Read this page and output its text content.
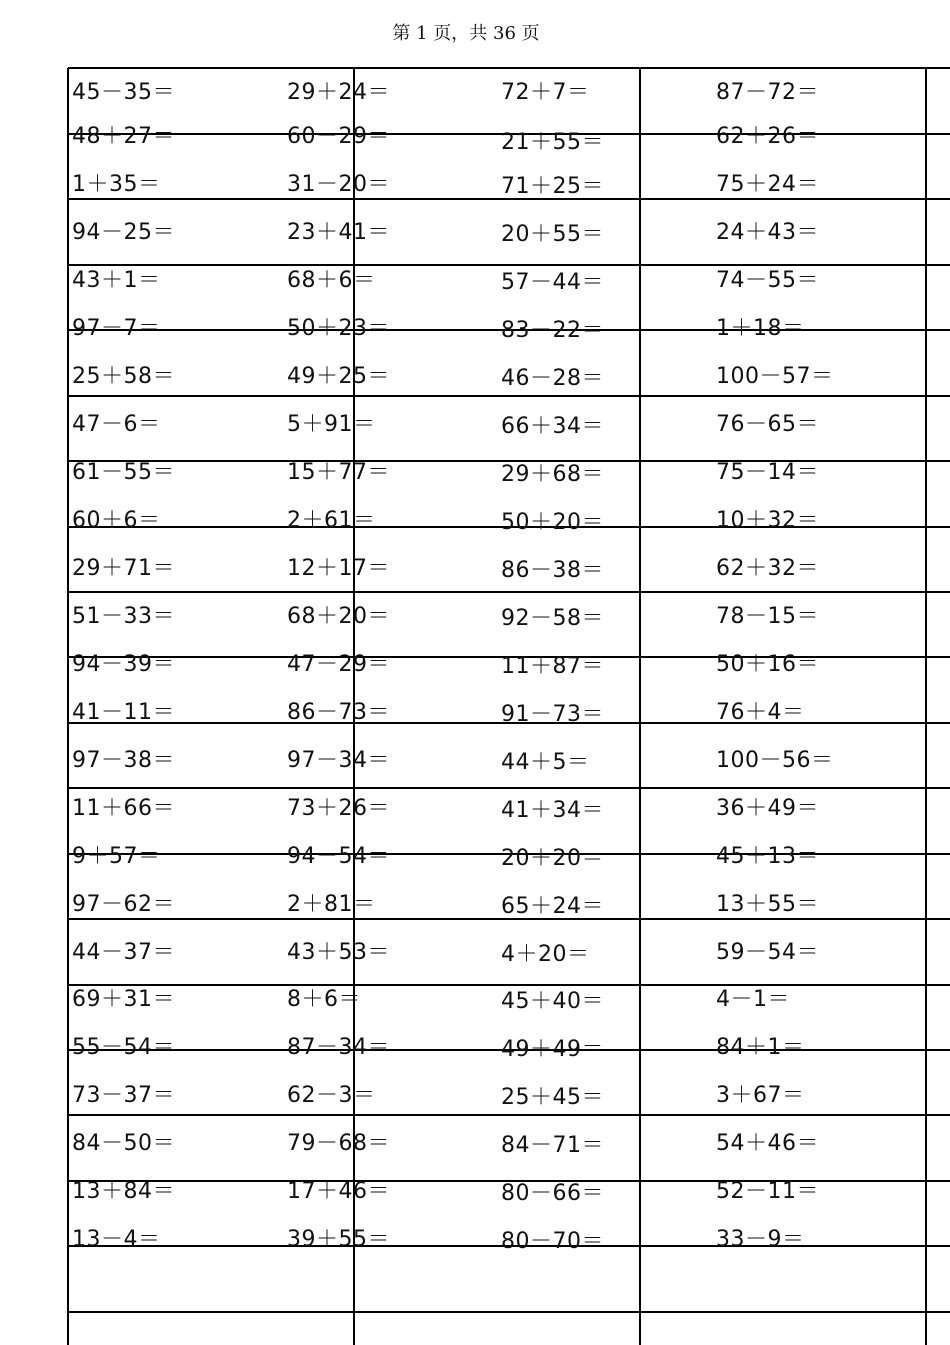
第 1 页，共 36 页
45－35＝
48＋27＝
1＋35＝
94－25＝
43＋1＝
97－7＝
25＋58＝
47－6＝
61－55＝
60＋6＝
29＋71＝
51－33＝
94－39＝
41－11＝
97－38＝
11＋66＝
9＋57＝
97－62＝
44－37＝
69＋31＝
55－54＝
73－37＝
84－50＝
13＋84＝
13－4＝
29＋24＝
60－29＝
31－20＝
23＋41＝
68＋6＝
50＋23＝
49＋25＝
5＋91＝
15＋77＝
2＋61＝
12＋17＝
68＋20＝
47－29＝
86－73＝
97－34＝
73＋26＝
94－54＝
2＋81＝
43＋53＝
8＋6＝
87－34＝
62－3＝
79－68＝
17＋46＝
39＋55＝
72＋7＝
21＋55＝
71＋25＝
20＋55＝
57－44＝
83－22＝
46－28＝
66＋34＝
29＋68＝
50＋20＝
86－38＝
92－58＝
11＋87＝
91－73＝
44＋5＝
41＋34＝
20＋20＝
65＋24＝
4＋20＝
45＋40＝
49＋49＝
25＋45＝
84－71＝
80－66＝
80－70＝
87－72＝
62＋26＝
75＋24＝
24＋43＝
74－55＝
1＋18＝
100－57＝
76－65＝
75－14＝
10＋32＝
62＋32＝
78－15＝
50＋16＝
76＋4＝
100－56＝
36＋49＝
45＋13＝
13＋55＝
59－54＝
4－1＝
84＋1＝
3＋67＝
54＋46＝
52－11＝
33－9＝
